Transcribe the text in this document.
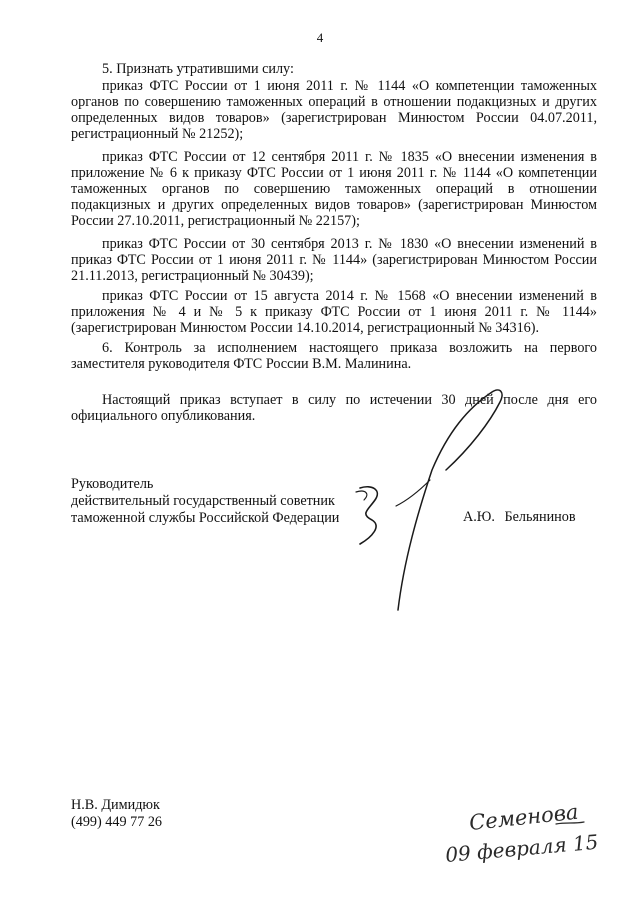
4
5. Признать утратившими силу:
приказ ФТС России от 1 июня 2011 г. № 1144 «О компетенции таможенных органов по совершению таможенных операций в отношении подакцизных и других определенных видов товаров» (зарегистрирован Минюстом России 04.07.2011, регистрационный № 21252);
приказ ФТС России от 12 сентября 2011 г. № 1835 «О внесении изменения в приложение № 6 к приказу ФТС России от 1 июня 2011 г. № 1144 «О компетенции таможенных органов по совершению таможенных операций в отношении подакцизных и других определенных видов товаров» (зарегистрирован Минюстом России 27.10.2011, регистрационный № 22157);
приказ ФТС России от 30 сентября 2013 г. № 1830 «О внесении изменений в приказ ФТС России от 1 июня 2011 г. № 1144» (зарегистрирован Минюстом России 21.11.2013, регистрационный № 30439);
приказ ФТС России от 15 августа 2014 г. № 1568 «О внесении изменений в приложения № 4 и № 5 к приказу ФТС России от 1 июня 2011 г. № 1144» (зарегистрирован Минюстом России 14.10.2014, регистрационный № 34316).
6. Контроль за исполнением настоящего приказа возложить на первого заместителя руководителя ФТС России В.М. Малинина.
Настоящий приказ вступает в силу по истечении 30 дней после дня его официального опубликования.
Руководитель
действительный государственный советник
таможенной службы Российской Федерации	А.Ю. Бельянинов
Н.В. Димидюк
(499) 449 77 26	Семенова
09 февраля 15
